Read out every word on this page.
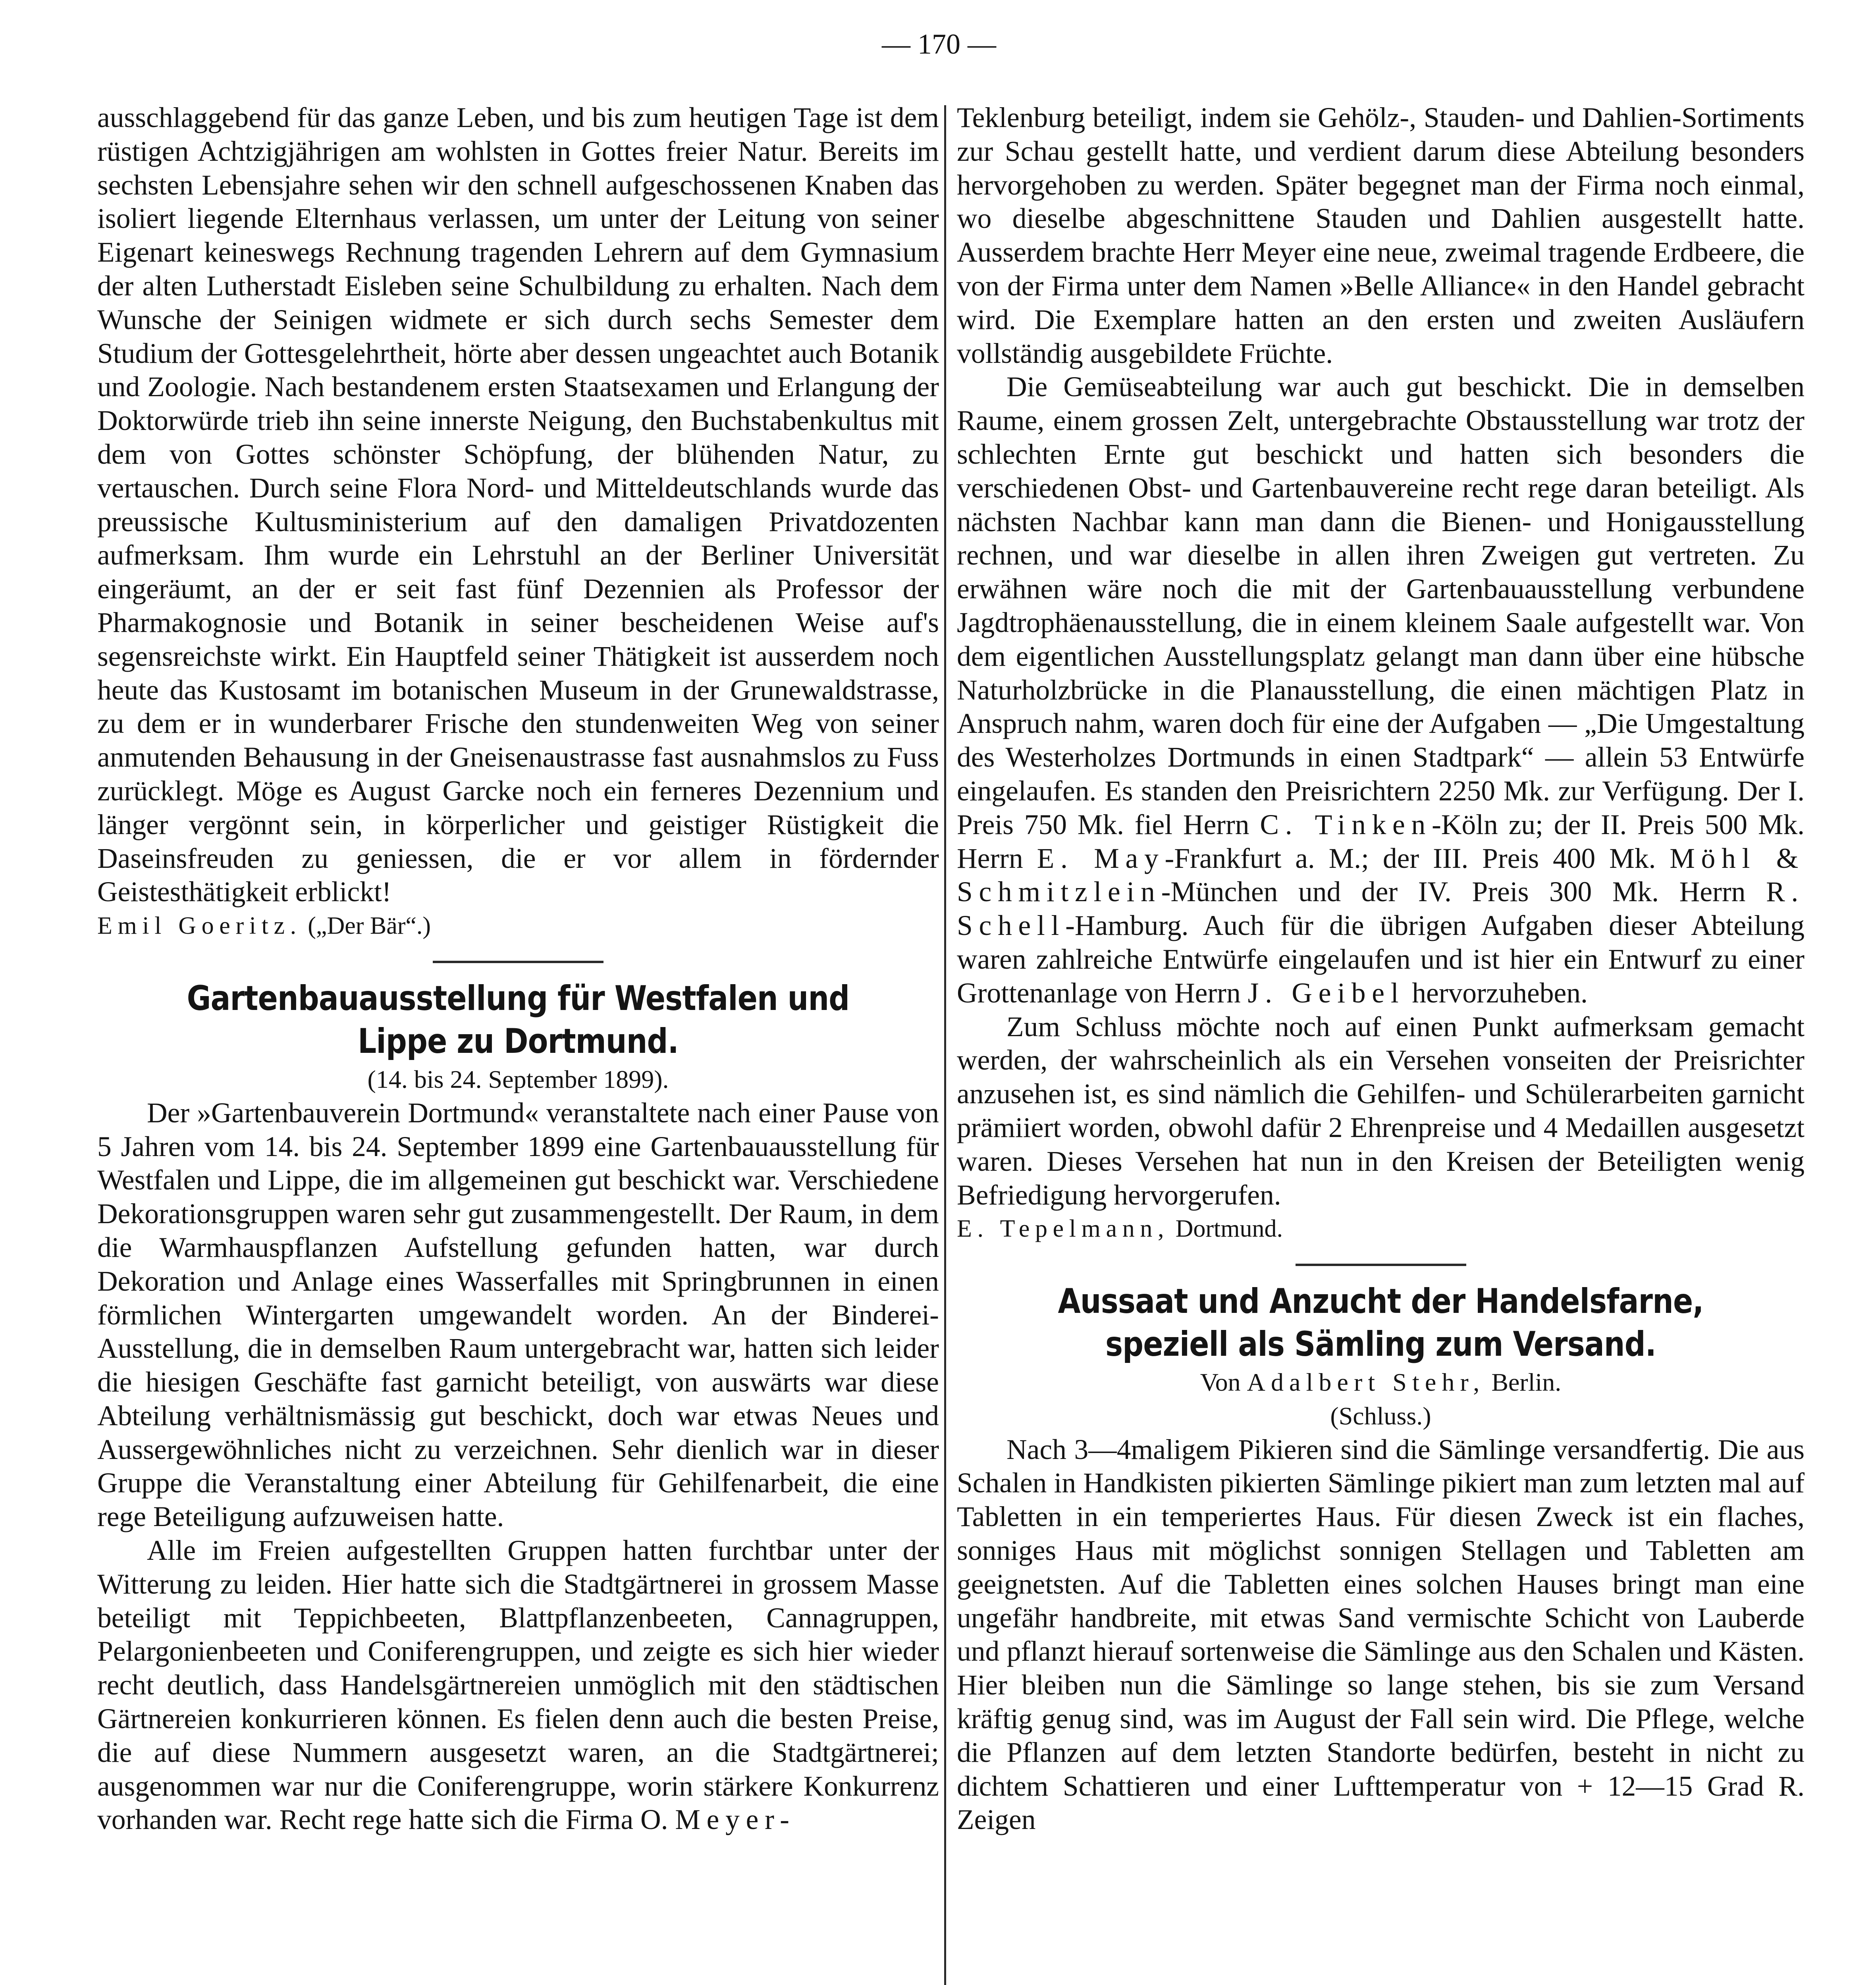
— 170 —

ausschlaggebend für das ganze Leben, und bis zum heutigen Tage ist dem rüstigen Achtzigjährigen am wohlsten in Gottes freier Natur. Bereits im sechsten Lebensjahre sehen wir den schnell aufgeschossenen Knaben das isoliert liegende Elternhaus verlassen, um unter der Leitung von seiner Eigenart keineswegs Rechnung tragenden Lehrern auf dem Gymnasium der alten Lutherstadt Eisleben seine Schulbildung zu erhalten. Nach dem Wunsche der Seinigen widmete er sich durch sechs Semester dem Studium der Gottesgelehrtheit, hörte aber dessen ungeachtet auch Botanik und Zoologie. Nach bestandenem ersten Staatsexamen und Erlangung der Doktorwürde trieb ihn seine innerste Neigung, den Buchstabenkultus mit dem von Gottes schönster Schöpfung, der blühenden Natur, zu vertauschen. Durch seine Flora Nord- und Mitteldeutschlands wurde das preussische Kultusministerium auf den damaligen Privatdozenten aufmerksam. Ihm wurde ein Lehrstuhl an der Berliner Universität eingeräumt, an der er seit fast fünf Dezennien als Professor der Pharmakognosie und Botanik in seiner bescheidenen Weise auf's segensreichste wirkt. Ein Hauptfeld seiner Thätigkeit ist ausserdem noch heute das Kustosamt im botanischen Museum in der Grunewaldstrasse, zu dem er in wunderbarer Frische den stundenweiten Weg von seiner anmutenden Behausung in der Gneisenaustrasse fast ausnahmslos zu Fuss zurücklegt. Möge es August Garcke noch ein ferneres Dezennium und länger vergönnt sein, in körperlicher und geistiger Rüstigkeit die Daseinsfreuden zu geniessen, die er vor allem in fördernder Geistesthätigkeit erblickt!

Emil Goeritz. („Der Bär“.)

Gartenbauausstellung für Westfalen und Lippe zu Dortmund.

(14. bis 24. September 1899).

Der »Gartenbauverein Dortmund« veranstaltete nach einer Pause von 5 Jahren vom 14. bis 24. September 1899 eine Gartenbauausstellung für Westfalen und Lippe, die im allgemeinen gut beschickt war. Verschiedene Dekorationsgruppen waren sehr gut zusammengestellt. Der Raum, in dem die Warmhauspflanzen Aufstellung gefunden hatten, war durch Dekoration und Anlage eines Wasserfalles mit Springbrunnen in einen förmlichen Wintergarten umgewandelt worden. An der Binderei-Ausstellung, die in demselben Raum untergebracht war, hatten sich leider die hiesigen Geschäfte fast garnicht beteiligt, von auswärts war diese Abteilung verhältnismässig gut beschickt, doch war etwas Neues und Aussergewöhnliches nicht zu verzeichnen. Sehr dienlich war in dieser Gruppe die Veranstaltung einer Abteilung für Gehilfenarbeit, die eine rege Beteiligung aufzuweisen hatte.

Alle im Freien aufgestellten Gruppen hatten furchtbar unter der Witterung zu leiden. Hier hatte sich die Stadtgärtnerei in grossem Masse beteiligt mit Teppichbeeten, Blattpflanzenbeeten, Cannagruppen, Pelargonienbeeten und Coniferengruppen, und zeigte es sich hier wieder recht deutlich, dass Handelsgärtnereien unmöglich mit den städtischen Gärtnereien konkurrieren können. Es fielen denn auch die besten Preise, die auf diese Nummern ausgesetzt waren, an die Stadtgärtnerei; ausgenommen war nur die Coniferengruppe, worin stärkere Konkurrenz vorhanden war. Recht rege hatte sich die Firma O. Meyer-

Teklenburg beteiligt, indem sie Gehölz-, Stauden- und Dahlien-Sortiments zur Schau gestellt hatte, und verdient darum diese Abteilung besonders hervorgehoben zu werden. Später begegnet man der Firma noch einmal, wo dieselbe abgeschnittene Stauden und Dahlien ausgestellt hatte. Ausserdem brachte Herr Meyer eine neue, zweimal tragende Erdbeere, die von der Firma unter dem Namen »Belle Alliance« in den Handel gebracht wird. Die Exemplare hatten an den ersten und zweiten Ausläufern vollständig ausgebildete Früchte.

Die Gemüseabteilung war auch gut beschickt. Die in demselben Raume, einem grossen Zelt, untergebrachte Obstausstellung war trotz der schlechten Ernte gut beschickt und hatten sich besonders die verschiedenen Obst- und Gartenbauvereine recht rege daran beteiligt. Als nächsten Nachbar kann man dann die Bienen- und Honigausstellung rechnen, und war dieselbe in allen ihren Zweigen gut vertreten. Zu erwähnen wäre noch die mit der Gartenbauausstellung verbundene Jagdtrophäenausstellung, die in einem kleinem Saale aufgestellt war. Von dem eigentlichen Ausstellungsplatz gelangt man dann über eine hübsche Naturholzbrücke in die Planausstellung, die einen mächtigen Platz in Anspruch nahm, waren doch für eine der Aufgaben — „Die Umgestaltung des Westerholzes Dortmunds in einen Stadtpark“ — allein 53 Entwürfe eingelaufen. Es standen den Preisrichtern 2250 Mk. zur Verfügung. Der I. Preis 750 Mk. fiel Herrn C. Tinken-Köln zu; der II. Preis 500 Mk. Herrn E. May-Frankfurt a. M.; der III. Preis 400 Mk. Möhl & Schmitzlein-München und der IV. Preis 300 Mk. Herrn R. Schell-Hamburg. Auch für die übrigen Aufgaben dieser Abteilung waren zahlreiche Entwürfe eingelaufen und ist hier ein Entwurf zu einer Grottenanlage von Herrn J. Geibel hervorzuheben.

Zum Schluss möchte noch auf einen Punkt aufmerksam gemacht werden, der wahrscheinlich als ein Versehen vonseiten der Preisrichter anzusehen ist, es sind nämlich die Gehilfen- und Schülerarbeiten garnicht prämiiert worden, obwohl dafür 2 Ehrenpreise und 4 Medaillen ausgesetzt waren. Dieses Versehen hat nun in den Kreisen der Beteiligten wenig Befriedigung hervorgerufen.

E. Tepelmann, Dortmund.

Aussaat und Anzucht der Handelsfarne, speziell als Sämling zum Versand.

Von Adalbert Stehr, Berlin.

(Schluss.)

Nach 3—4maligem Pikieren sind die Sämlinge versandfertig. Die aus Schalen in Handkisten pikierten Sämlinge pikiert man zum letzten mal auf Tabletten in ein temperiertes Haus. Für diesen Zweck ist ein flaches, sonniges Haus mit möglichst sonnigen Stellagen und Tabletten am geeignetsten. Auf die Tabletten eines solchen Hauses bringt man eine ungefähr handbreite, mit etwas Sand vermischte Schicht von Lauberde und pflanzt hierauf sortenweise die Sämlinge aus den Schalen und Kästen. Hier bleiben nun die Sämlinge so lange stehen, bis sie zum Versand kräftig genug sind, was im August der Fall sein wird. Die Pflege, welche die Pflanzen auf dem letzten Standorte bedürfen, besteht in nicht zu dichtem Schattieren und einer Lufttemperatur von + 12—15 Grad R. Zeigen
